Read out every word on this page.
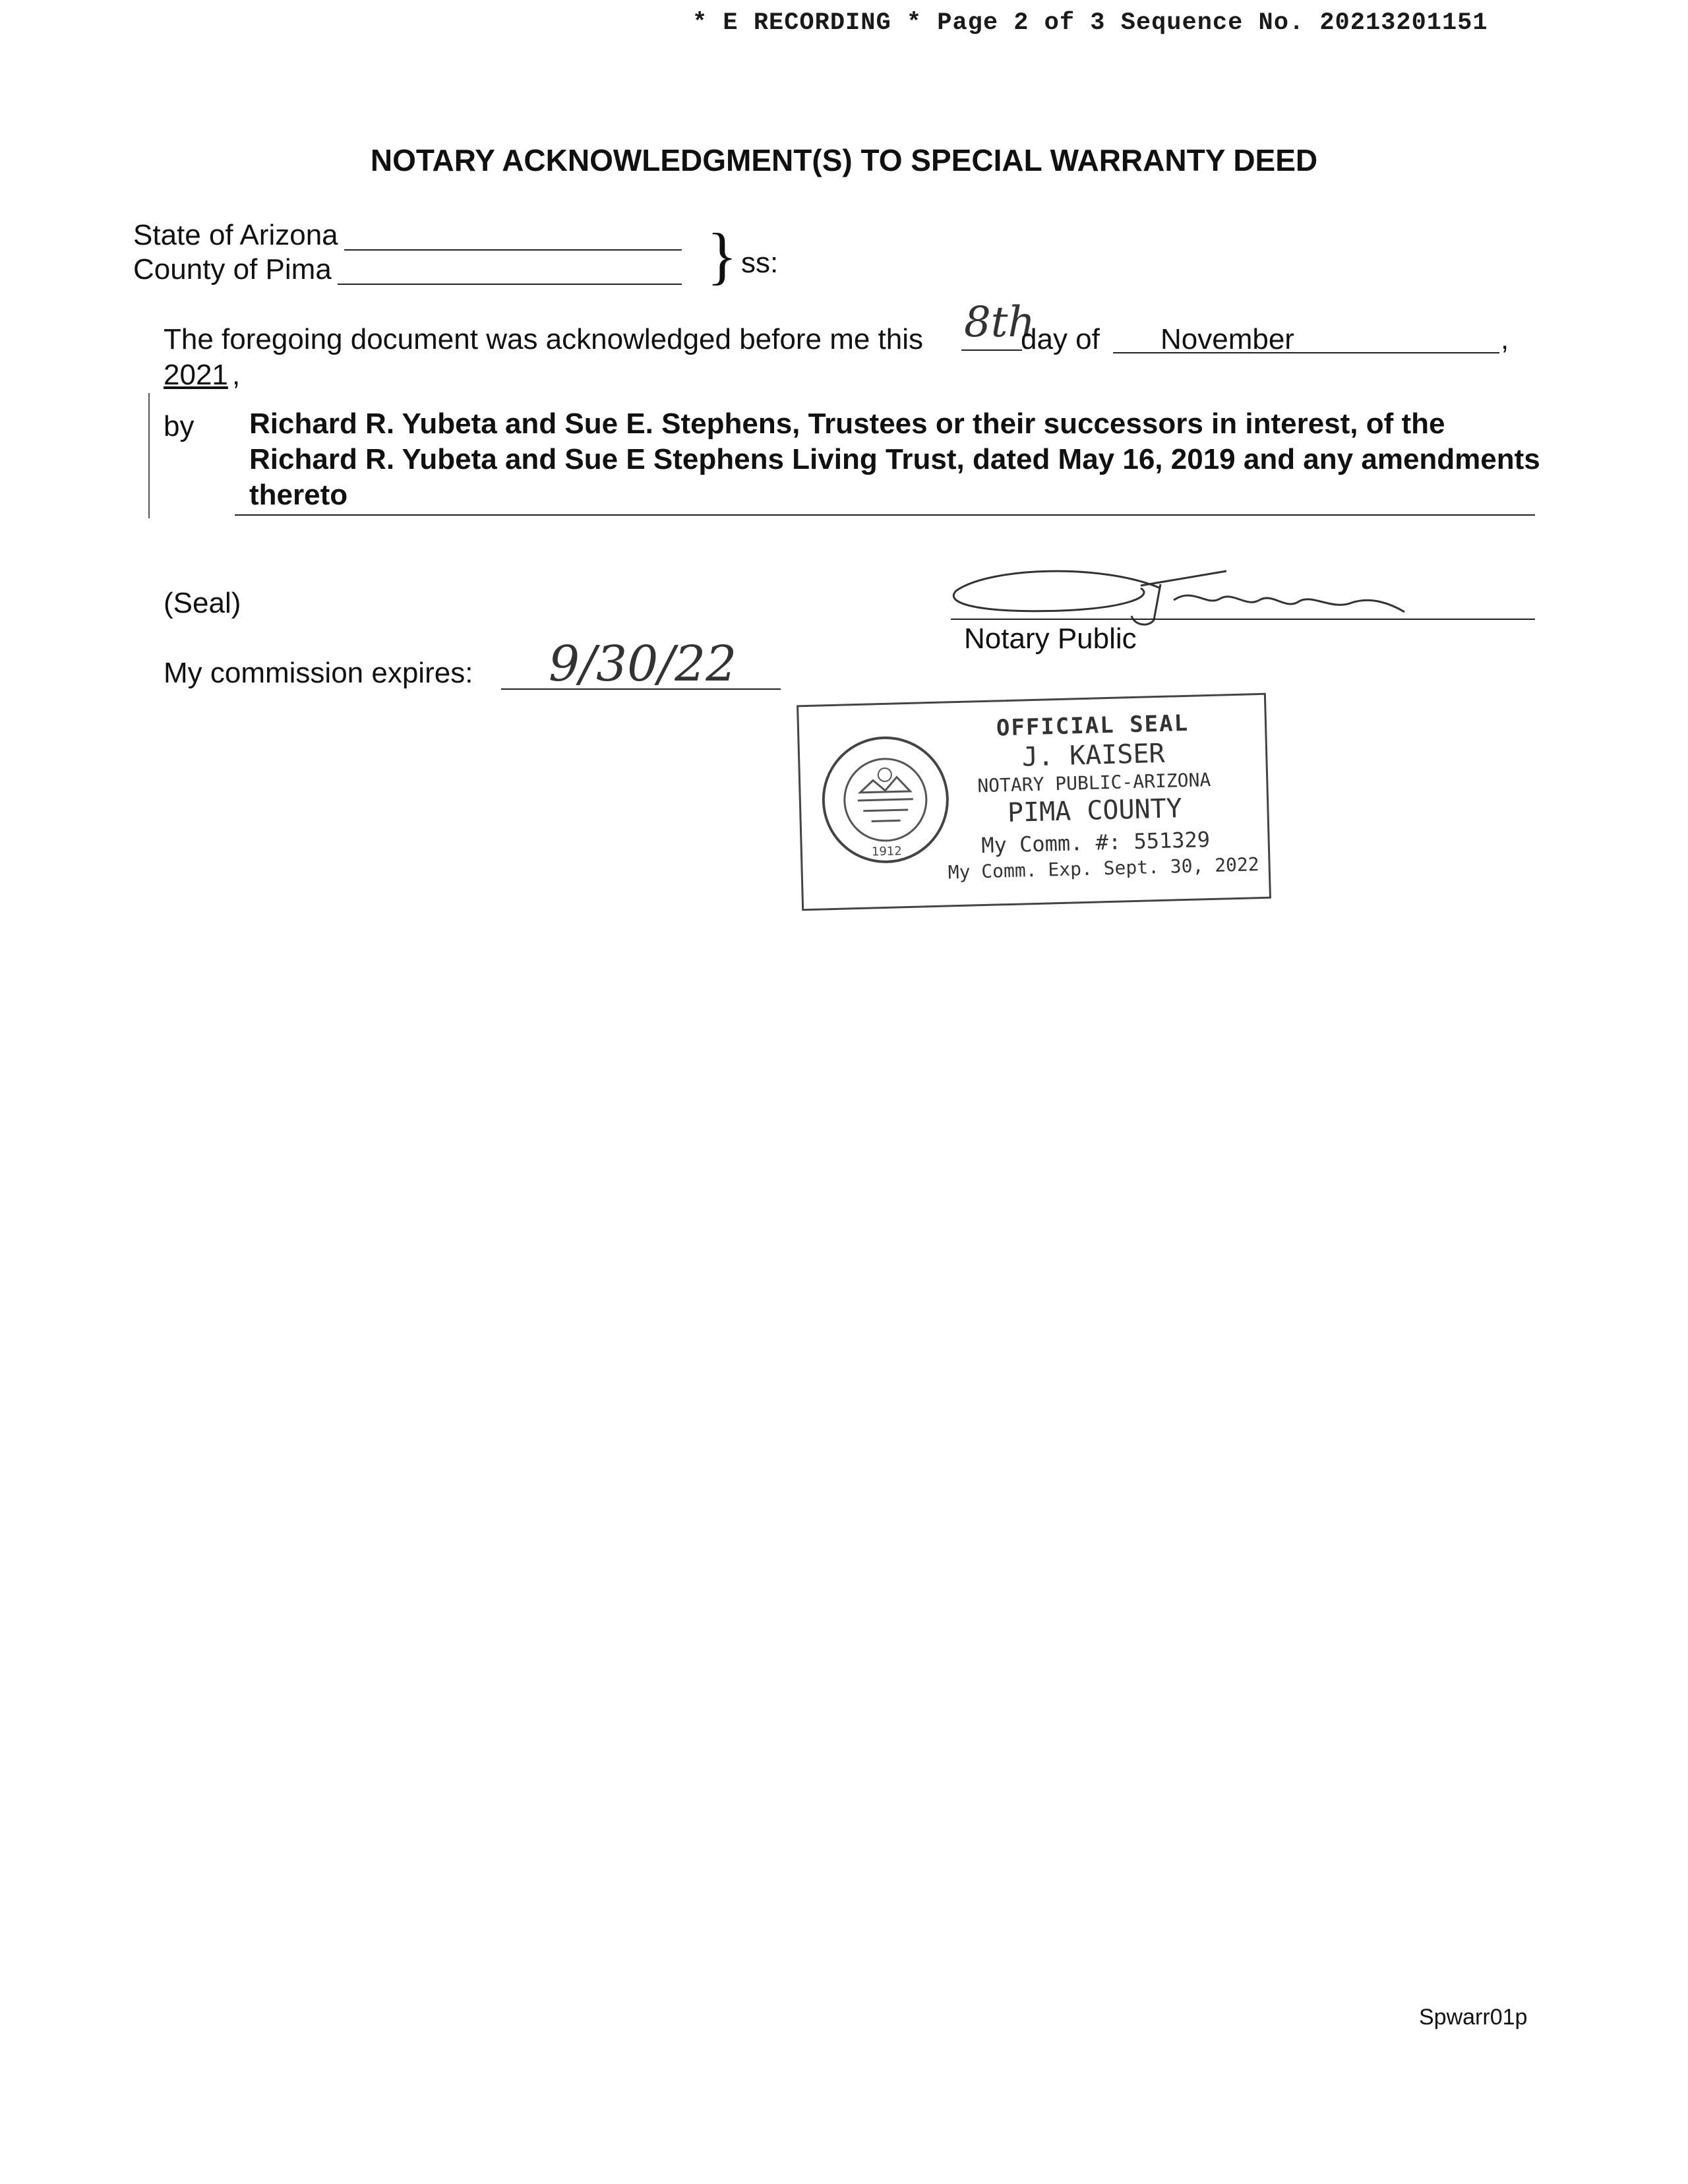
* E RECORDING * Page 2 of 3 Sequence No. 20213201151
NOTARY ACKNOWLEDGMENT(S) TO SPECIAL WARRANTY DEED
State of Arizona
County of Pima	} ss:
The foregoing document was acknowledged before me this 8th
day of November	,
2021 ,
by Richard R. Yubeta and Sue E. Stephens, Trustees or their successors in interest, of the Richard R. Yubeta and Sue E Stephens Living Trust, dated May 16, 2019 and any amendments thereto
(Seal)
Notary Public
My commission expires: 9/30/22
1912
OFFICIAL SEAL
J. KAISER
NOTARY PUBLIC-ARIZONA
PIMA COUNTY
My Comm. #: 551329
My Comm. Exp. Sept. 30, 2022
Spwarr01p
